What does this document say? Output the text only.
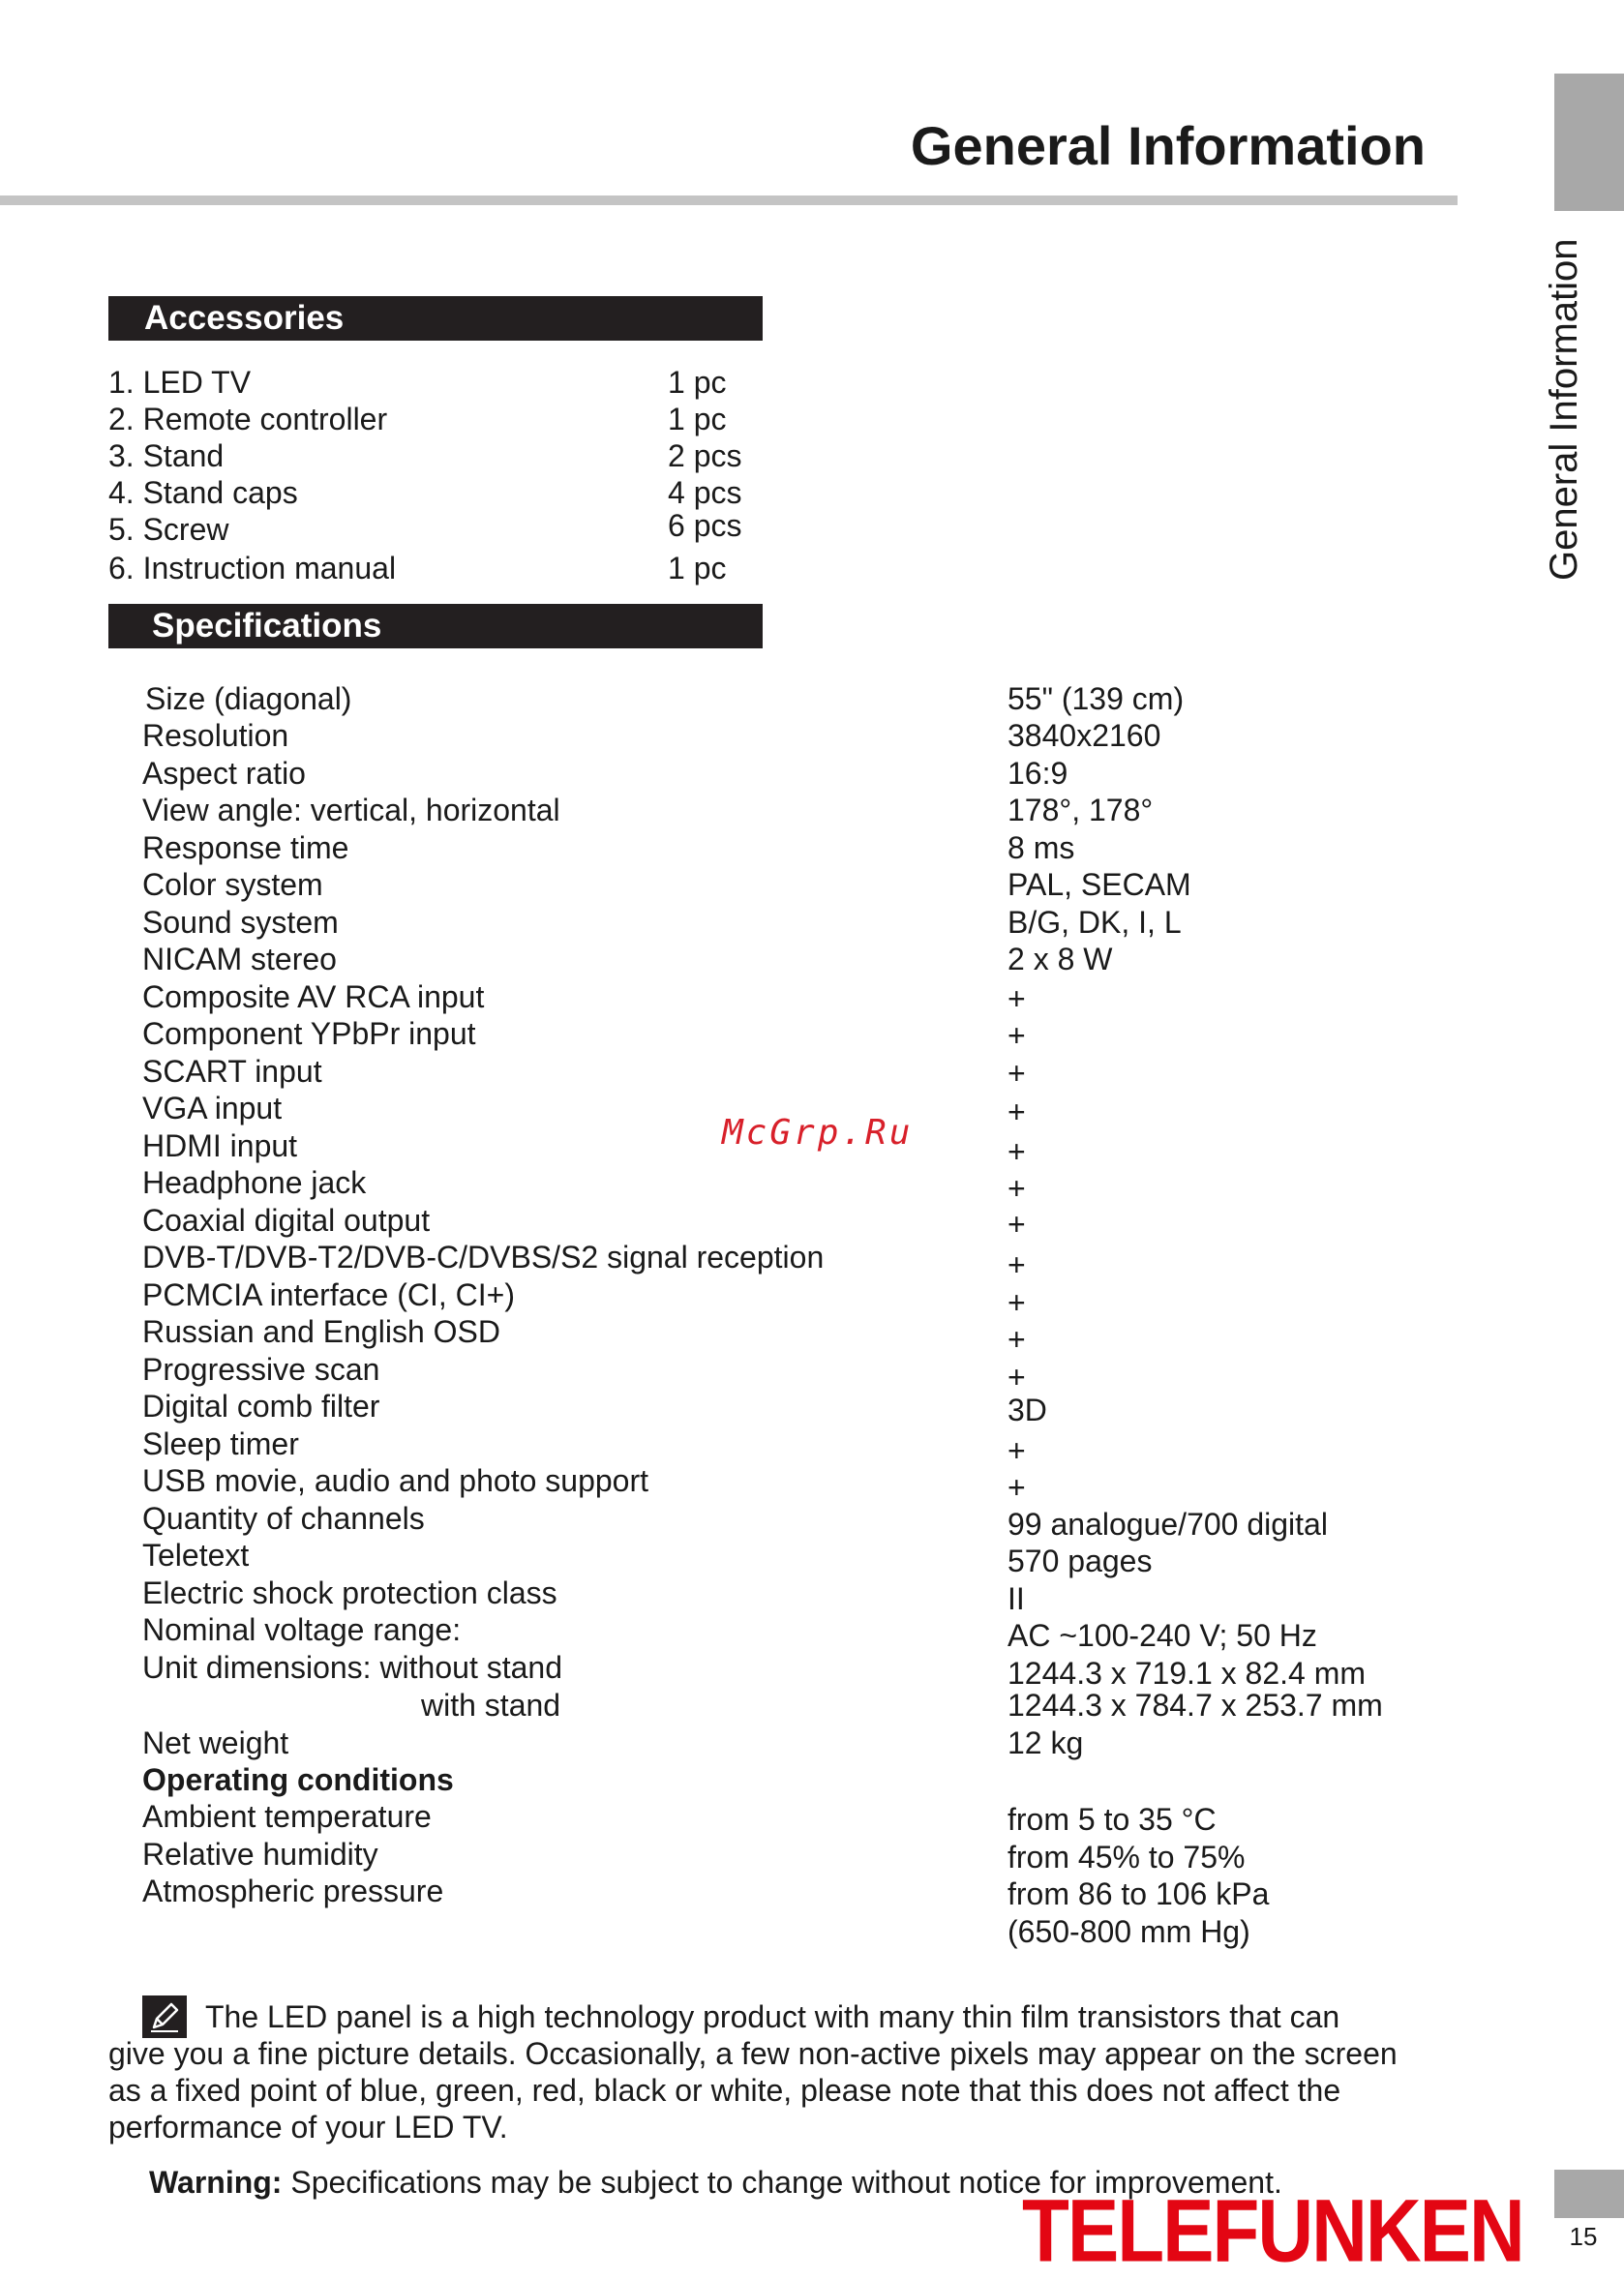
General Information
General Information
Accessories
1. LED TV	1 pc
2. Remote controller	1 pc
3. Stand	2 pcs
4. Stand caps	4 pcs
5. Screw	6 pcs
6. Instruction manual	1 pc
Specifications
Size (diagonal)	55" (139 cm)
Resolution	3840x2160
Aspect ratio	16:9
View angle: vertical, horizontal	178°, 178°
Response time	8 ms
Color system	PAL, SECAM
Sound system	B/G, DK, I, L
NICAM stereo	2 x 8 W
Composite AV RCA input	+
Component YPbPr input	+
SCART input	+
VGA input	+
HDMI input	+
Headphone jack	+
Coaxial digital output	+
DVB-T/DVB-T2/DVB-C/DVBS/S2 signal reception	+
PCMCIA interface (CI, CI+)	+
Russian and English OSD	+
Progressive scan	+
Digital comb filter	3D
Sleep timer	+
USB movie, audio and photo support	+
Quantity of channels	99 analogue/700 digital
Teletext	570 pages
Electric shock protection class	II
Nominal voltage range:	AC ~100-240 V; 50 Hz
Unit dimensions: without stand	1244.3 x 719.1 x 82.4 mm
with stand	1244.3 x 784.7 x 253.7 mm
Net weight	12 kg
Operating conditions
Ambient temperature	from 5 to 35 °C
Relative humidity	from 45% to 75%
Atmospheric pressure	from 86 to 106 kPa
(650-800 mm Hg)
McGrp.Ru
The LED panel is a high technology product with many thin film transistors that can
give you a fine picture details. Occasionally, a few non-active pixels may appear on the screen
as a fixed point of blue, green, red, black or white, please note that this does not affect the
performance of your LED TV.
Warning: Specifications may be subject to change without notice for improvement.
TELEFUNKEN	15
